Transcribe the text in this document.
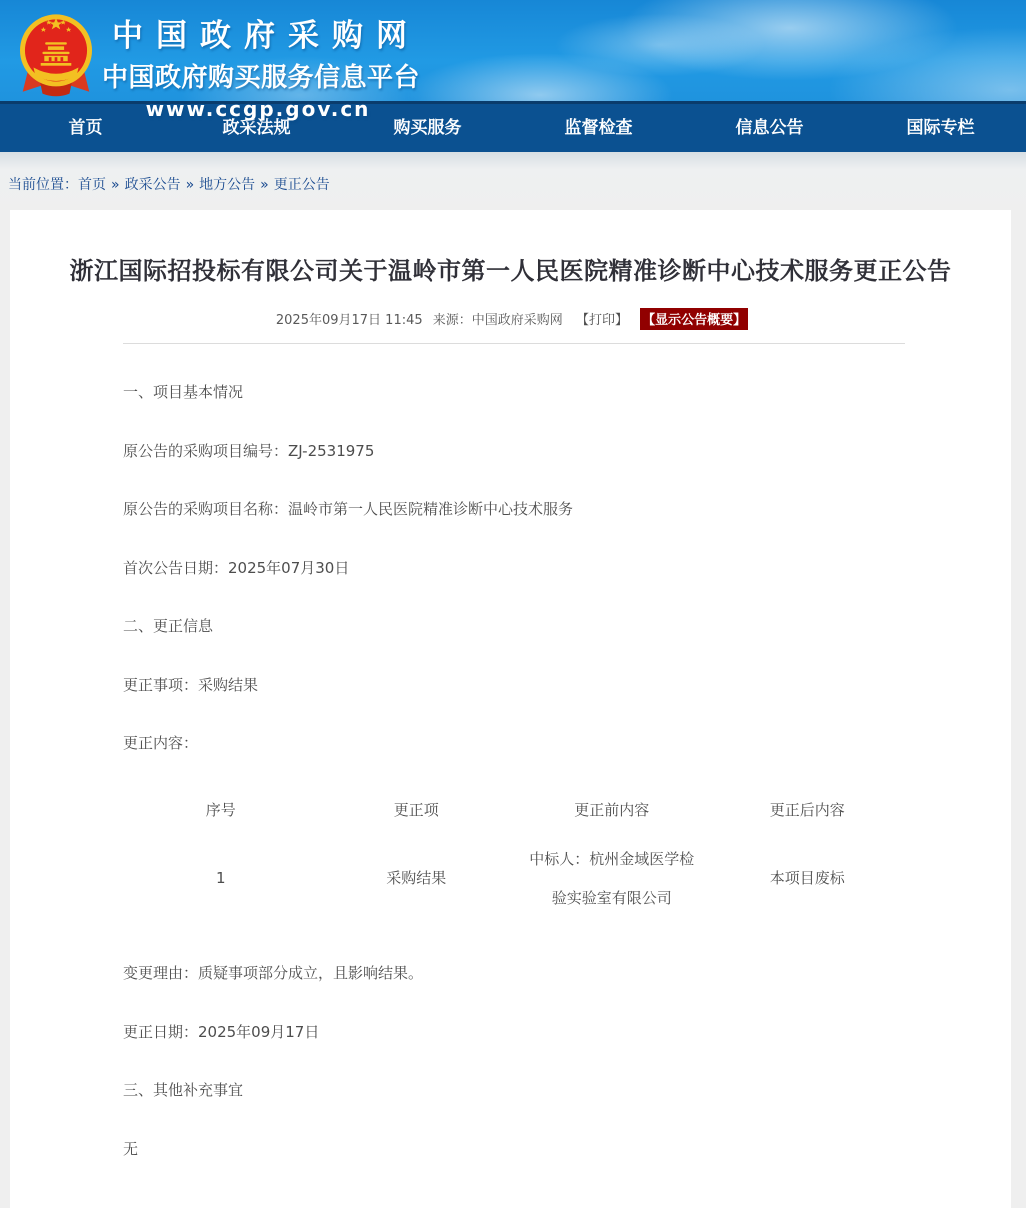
中国政府采购网
中国政府购买服务信息平台
www.ccgp.gov.cn
首页	政采法规	购买服务	监督检查	信息公告	国际专栏
当前位置：首页 » 政采公告 » 地方公告 » 更正公告
浙江国际招投标有限公司关于温岭市第一人民医院精准诊断中心技术服务更正公告
2025年09月17日 11:45 来源：中国政府采购网 【打印】 【显示公告概要】

一、项目基本情况

原公告的采购项目编号：ZJ-2531975

原公告的采购项目名称：温岭市第一人民医院精准诊断中心技术服务

首次公告日期：2025年07月30日

二、更正信息

更正事项：采购结果

更正内容：

序号	更正项	更正前内容	更正后内容
1	采购结果	中标人：杭州金域医学检验实验室有限公司	本项目废标

变更理由：质疑事项部分成立，且影响结果。

更正日期：2025年09月17日

三、其他补充事宜

无
